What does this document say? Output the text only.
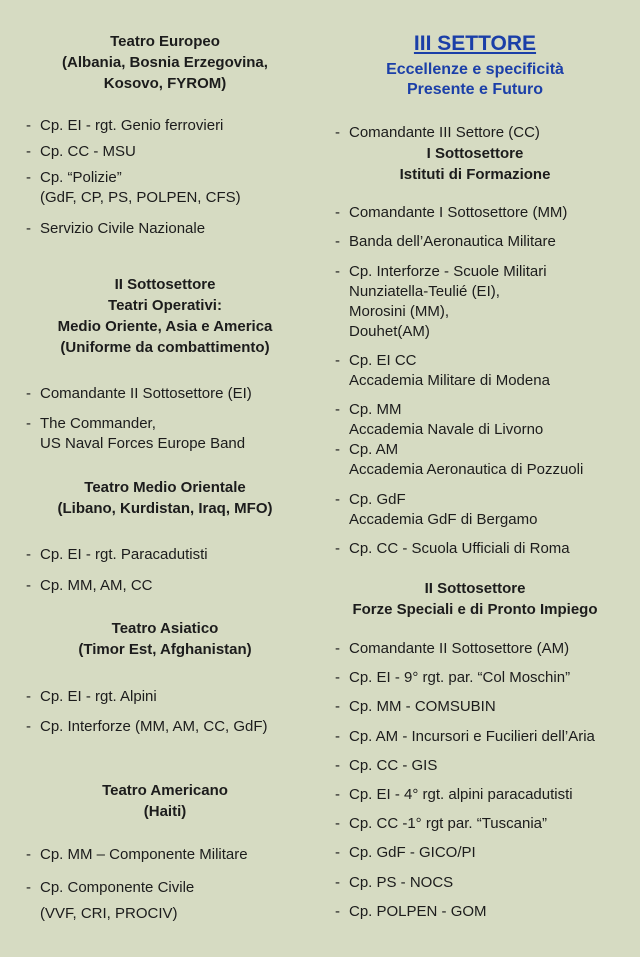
Teatro Europeo
(Albania, Bosnia Erzegovina,
Kosovo, FYROM)
- Cp. EI - rgt. Genio ferrovieri
- Cp. CC - MSU
- Cp. “Polizie”
(GdF, CP, PS, POLPEN, CFS)
- Servizio Civile Nazionale
II Sottosettore
Teatri Operativi:
Medio Oriente, Asia e America
(Uniforme da combattimento)
- Comandante II Sottosettore (EI)
- The Commander,
US Naval Forces Europe Band
Teatro Medio Orientale
(Libano, Kurdistan, Iraq, MFO)
- Cp. EI - rgt. Paracadutisti
- Cp. MM, AM, CC
Teatro Asiatico
(Timor Est, Afghanistan)
- Cp. EI - rgt. Alpini
- Cp. Interforze (MM, AM, CC, GdF)
Teatro Americano
(Haiti)
- Cp. MM – Componente Militare
- Cp. Componente Civile
(VVF, CRI, PROCIV)
III SETTORE
Eccellenze e specificità
Presente e Futuro
- Comandante III Settore (CC)
I Sottosettore
Istituti di Formazione
- Comandante I Sottosettore (MM)
- Banda dell’Aeronautica Militare
- Cp. Interforze - Scuole Militari
Nunziatella-Teulié (EI),
Morosini (MM),
Douhet(AM)
- Cp. EI CC
Accademia Militare di Modena
- Cp. MM
Accademia Navale di Livorno
- Cp. AM
Accademia Aeronautica di Pozzuoli
- Cp. GdF
Accademia GdF di Bergamo
- Cp. CC - Scuola Ufficiali di Roma
II Sottosettore
Forze Speciali e di Pronto Impiego
- Comandante II Sottosettore (AM)
- Cp. EI - 9° rgt. par. “Col Moschin”
- Cp. MM - COMSUBIN
- Cp. AM - Incursori e Fucilieri dell’Aria
- Cp. CC - GIS
- Cp. EI - 4° rgt. alpini paracadutisti
- Cp. CC -1° rgt par. “Tuscania”
- Cp. GdF - GICO/PI
- Cp. PS - NOCS
- Cp. POLPEN - GOM
